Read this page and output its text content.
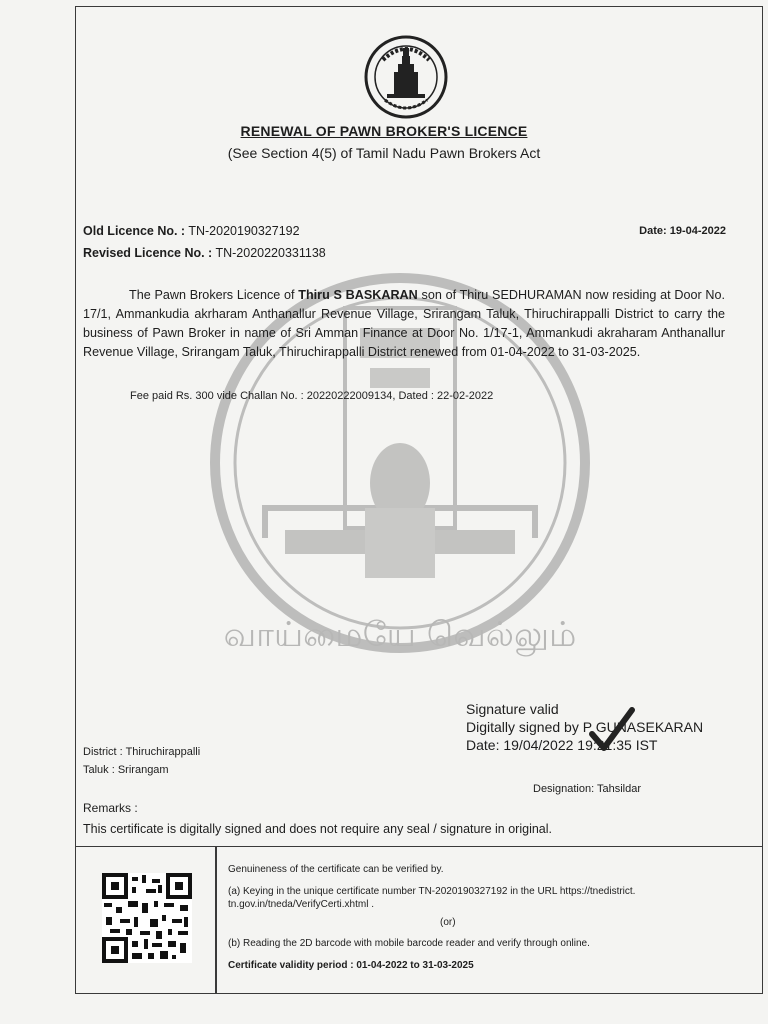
RENEWAL OF PAWN BROKER'S LICENCE
(See Section 4(5) of Tamil Nadu Pawn Brokers Act
Old Licence No. : TN-2020190327192
Revised Licence No. : TN-2020220331138
Date: 19-04-2022
வாய்மையே வெல்லும்
The Pawn Brokers Licence of Thiru S BASKARAN son of Thiru SEDHURAMAN now residing at Door No. 17/1, Ammankudia akrharam Anthanallur Revenue Village, Srirangam Taluk, Thiruchirappalli District to carry the business of Pawn Broker in name of Sri Amman Finance at Door No. 1/17-1, Ammankudi akraharam Anthanallur Revenue Village, Srirangam Taluk, Thiruchirappalli District renewed from 01-04-2022 to 31-03-2025.
Fee paid Rs. 300 vide Challan No. : 20220222009134, Dated : 22-02-2022
Signature valid
Digitally signed by P GUNASEKARAN
Date: 19/04/2022 19:21:35 IST
District : Thiruchirappalli
Taluk : Srirangam
Designation: Tahsildar
Remarks :
This certificate is digitally signed and does not require any seal / signature in original.
Genuineness of the certificate can be verified by.
(a) Keying in the unique certificate number TN-2020190327192 in the URL https://tnedistrict.
tn.gov.in/tneda/VerifyCerti.xhtml .
(or)
(b) Reading the 2D barcode with mobile barcode reader and verify through online.
Certificate validity period : 01-04-2022 to 31-03-2025
